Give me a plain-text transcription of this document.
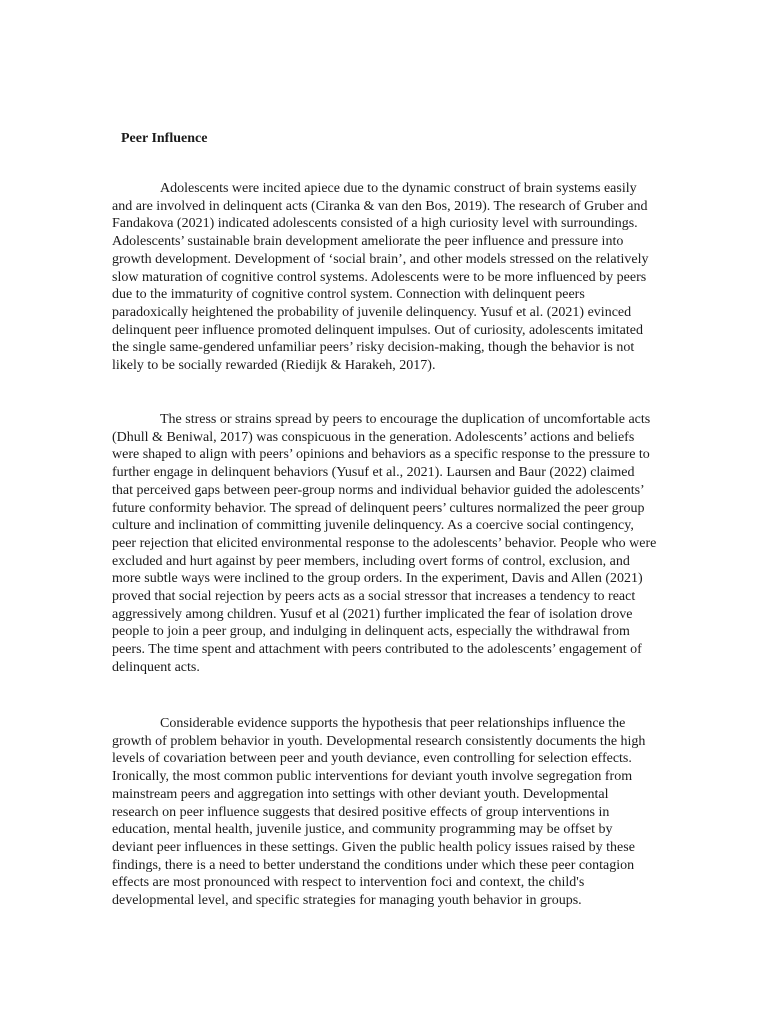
Peer Influence

Adolescents were incited apiece due to the dynamic construct of brain systems easily and are involved in delinquent acts (Ciranka & van den Bos, 2019). The research of Gruber and Fandakova (2021) indicated adolescents consisted of a high curiosity level with surroundings. Adolescents’ sustainable brain development ameliorate the peer influence and pressure into growth development. Development of ‘social brain’, and other models stressed on the relatively slow maturation of cognitive control systems. Adolescents were to be more influenced by peers due to the immaturity of cognitive control system. Connection with delinquent peers paradoxically heightened the probability of juvenile delinquency. Yusuf et al. (2021) evinced delinquent peer influence promoted delinquent impulses. Out of curiosity, adolescents imitated the single same-gendered unfamiliar peers’ risky decision-making, though the behavior is not likely to be socially rewarded (Riedijk & Harakeh, 2017).

The stress or strains spread by peers to encourage the duplication of uncomfortable acts (Dhull & Beniwal, 2017) was conspicuous in the generation. Adolescents’ actions and beliefs were shaped to align with peers’ opinions and behaviors as a specific response to the pressure to further engage in delinquent behaviors (Yusuf et al., 2021). Laursen and Baur (2022) claimed that perceived gaps between peer-group norms and individual behavior guided the adolescents’ future conformity behavior. The spread of delinquent peers’ cultures normalized the peer group culture and inclination of committing juvenile delinquency. As a coercive social contingency, peer rejection that elicited environmental response to the adolescents’ behavior. People who were excluded and hurt against by peer members, including overt forms of control, exclusion, and more subtle ways were inclined to the group orders. In the experiment, Davis and Allen (2021) proved that social rejection by peers acts as a social stressor that increases a tendency to react aggressively among children. Yusuf et al (2021) further implicated the fear of isolation drove people to join a peer group, and indulging in delinquent acts, especially the withdrawal from peers. The time spent and attachment with peers contributed to the adolescents’ engagement of delinquent acts.

Considerable evidence supports the hypothesis that peer relationships influence the growth of problem behavior in youth. Developmental research consistently documents the high levels of covariation between peer and youth deviance, even controlling for selection effects. Ironically, the most common public interventions for deviant youth involve segregation from mainstream peers and aggregation into settings with other deviant youth. Developmental research on peer influence suggests that desired positive effects of group interventions in education, mental health, juvenile justice, and community programming may be offset by deviant peer influences in these settings. Given the public health policy issues raised by these findings, there is a need to better understand the conditions under which these peer contagion effects are most pronounced with respect to intervention foci and context, the child's developmental level, and specific strategies for managing youth behavior in groups.
